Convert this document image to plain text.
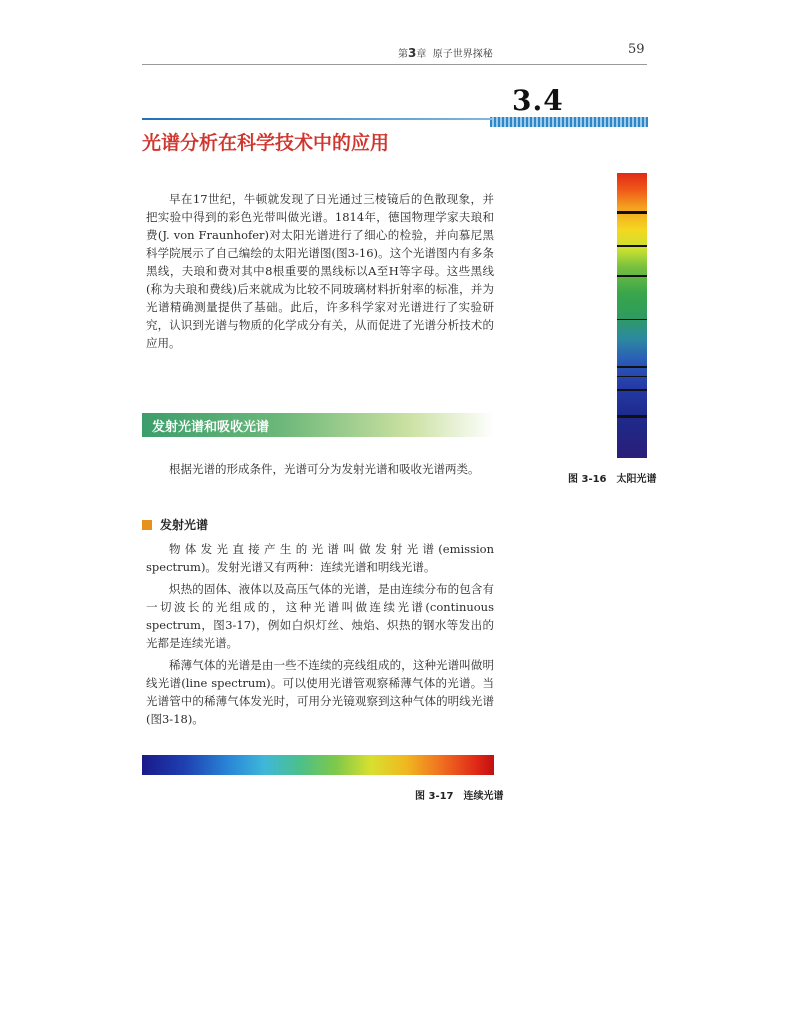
第3章 原子世界探秘	59
3.4
光谱分析在科学技术中的应用
早在17世纪，牛顿就发现了日光通过三棱镜后的色散现象，并把实验中得到的彩色光带叫做光谱。1814年，德国物理学家夫琅和费(J. von Fraunhofer)对太阳光谱进行了细心的检验，并向慕尼黑科学院展示了自己编绘的太阳光谱图(图3-16)。这个光谱图内有多条黑线，夫琅和费对其中8根重要的黑线标以A至H等字母。这些黑线(称为夫琅和费线)后来就成为比较不同玻璃材料折射率的标准，并为光谱精确测量提供了基础。此后，许多科学家对光谱进行了实验研究，认识到光谱与物质的化学成分有关，从而促进了光谱分析技术的应用。
发射光谱和吸收光谱
根据光谱的形成条件，光谱可分为发射光谱和吸收光谱两类。
发射光谱
物体发光直接产生的光谱叫做发射光谱(emission spectrum)。发射光谱又有两种：连续光谱和明线光谱。
炽热的固体、液体以及高压气体的光谱，是由连续分布的包含有一切波长的光组成的，这种光谱叫做连续光谱(continuous spectrum，图3-17)，例如白炽灯丝、烛焰、炽热的钢水等发出的光都是连续光谱。
稀薄气体的光谱是由一些不连续的亮线组成的，这种光谱叫做明线光谱(line spectrum)。可以使用光谱管观察稀薄气体的光谱。当光谱管中的稀薄气体发光时，可用分光镜观察到这种气体的明线光谱(图3-18)。
图 3-17　连续光谱
图 3-16　太阳光谱
